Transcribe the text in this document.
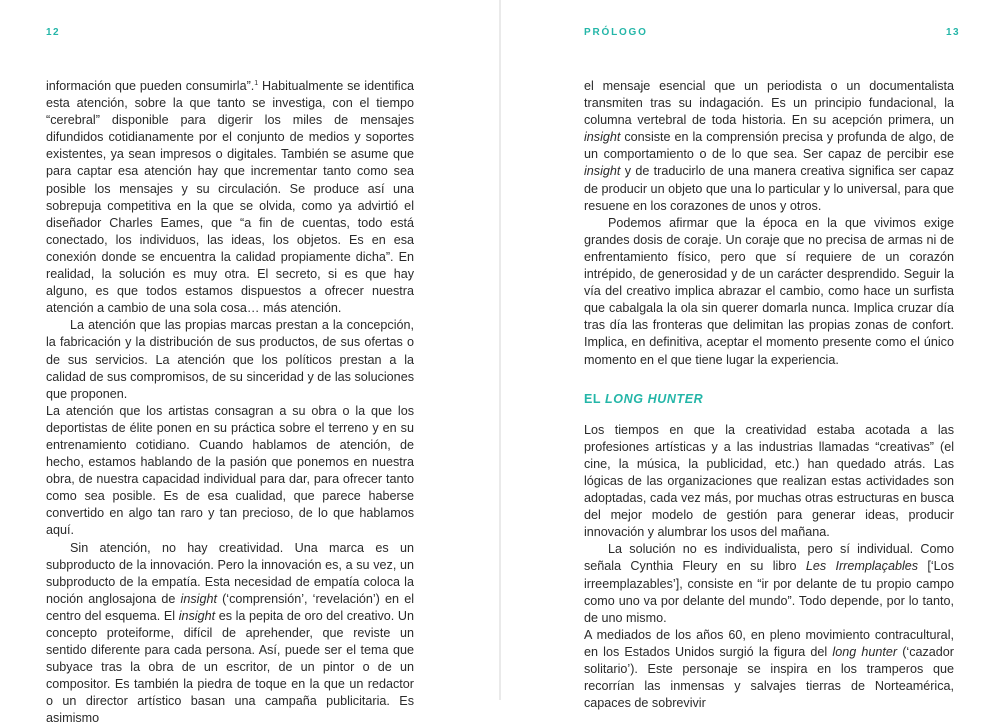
12

información que pueden consumirla”.$^1$ Habitualmente se identifica esta atención, sobre la que tanto se investiga, con el tiempo “cerebral” disponible para digerir los miles de mensajes difundidos cotidianamente por el conjunto de medios y soportes existentes, ya sean impresos o digitales. También se asume que para captar esa atención hay que incrementar tanto como sea posible los mensajes y su circulación. Se produce así una sobrepuja competitiva en la que se olvida, como ya advirtió el diseñador Charles Eames, que “a fin de cuentas, todo está conectado, los individuos, las ideas, los objetos. Es en esa conexión donde se encuentra la calidad propiamente dicha”. En realidad, la solución es muy otra. El secreto, si es que hay alguno, es que todos estamos dispuestos a ofrecer nuestra atención a cambio de una sola cosa… más atención.

La atención que las propias marcas prestan a la concepción, la fabricación y la distribución de sus productos, de sus ofertas o de sus servicios. La atención que los políticos prestan a la calidad de sus compromisos, de su sinceridad y de las soluciones que proponen.

La atención que los artistas consagran a su obra o la que los deportistas de élite ponen en su práctica sobre el terreno y en su entrenamiento cotidiano. Cuando hablamos de atención, de hecho, estamos hablando de la pasión que ponemos en nuestra obra, de nuestra capacidad individual para dar, para ofrecer tanto como sea posible. Es de esa cualidad, que parece haberse convertido en algo tan raro y tan precioso, de lo que hablamos aquí.

Sin atención, no hay creatividad. Una marca es un subproducto de la innovación. Pero la innovación es, a su vez, un subproducto de la empatía. Esta necesidad de empatía coloca la noción anglosajona de insight (‘comprensión’, ‘revelación’) en el centro del esquema. El insight es la pepita de oro del creativo. Un concepto proteiforme, difícil de aprehender, que reviste un sentido diferente para cada persona. Así, puede ser el tema que subyace tras la obra de un escritor, de un pintor o de un compositor. Es también la piedra de toque en la que un redactor o un director artístico basan una campaña publicitaria. Es asimismo

el mensaje esencial que un periodista o un documentalista transmiten tras su indagación. Es un principio fundacional, la columna vertebral de toda historia. En su acepción primera, un insight consiste en la comprensión precisa y profunda de algo, de un comportamiento o de lo que sea. Ser capaz de percibir ese insight y de traducirlo de una manera creativa significa ser capaz de producir un objeto que una lo particular y lo universal, para que resuene en los corazones de unos y otros.

Podemos afirmar que la época en la que vivimos exige grandes dosis de coraje. Un coraje que no precisa de armas ni de enfrentamiento físico, pero que sí requiere de un corazón intrépido, de generosidad y de un carácter desprendido. Seguir la vía del creativo implica abrazar el cambio, como hace un surfista que cabalgala la ola sin querer domarla nunca. Implica cruzar día tras día las fronteras que delimitan las propias zonas de confort. Implica, en definitiva, aceptar el momento presente como el único momento en el que tiene lugar la experiencia.

EL LONG HUNTER

Los tiempos en que la creatividad estaba acotada a las profesiones artísticas y a las industrias llamadas “creativas” (el cine, la música, la publicidad, etc.) han quedado atrás. Las lógicas de las organizaciones que realizan estas actividades son adoptadas, cada vez más, por muchas otras estructuras en busca del mejor modelo de gestión para generar ideas, producir innovación y alumbrar los usos del mañana.

La solución no es individualista, pero sí individual. Como señala Cynthia Fleury en su libro Les Irremplaçables [‘Los irreemplazables’], consiste en “ir por delante de tu propio campo como uno va por delante del mundo”. Todo depende, por lo tanto, de uno mismo.

A mediados de los años 60, en pleno movimiento contracultural, en los Estados Unidos surgió la figura del long hunter (‘cazador solitario’). Este personaje se inspira en los tramperos que recorrían las inmensas y salvajes tierras de Norteamérica, capaces de sobrevivir

PRÓLOGO	13
